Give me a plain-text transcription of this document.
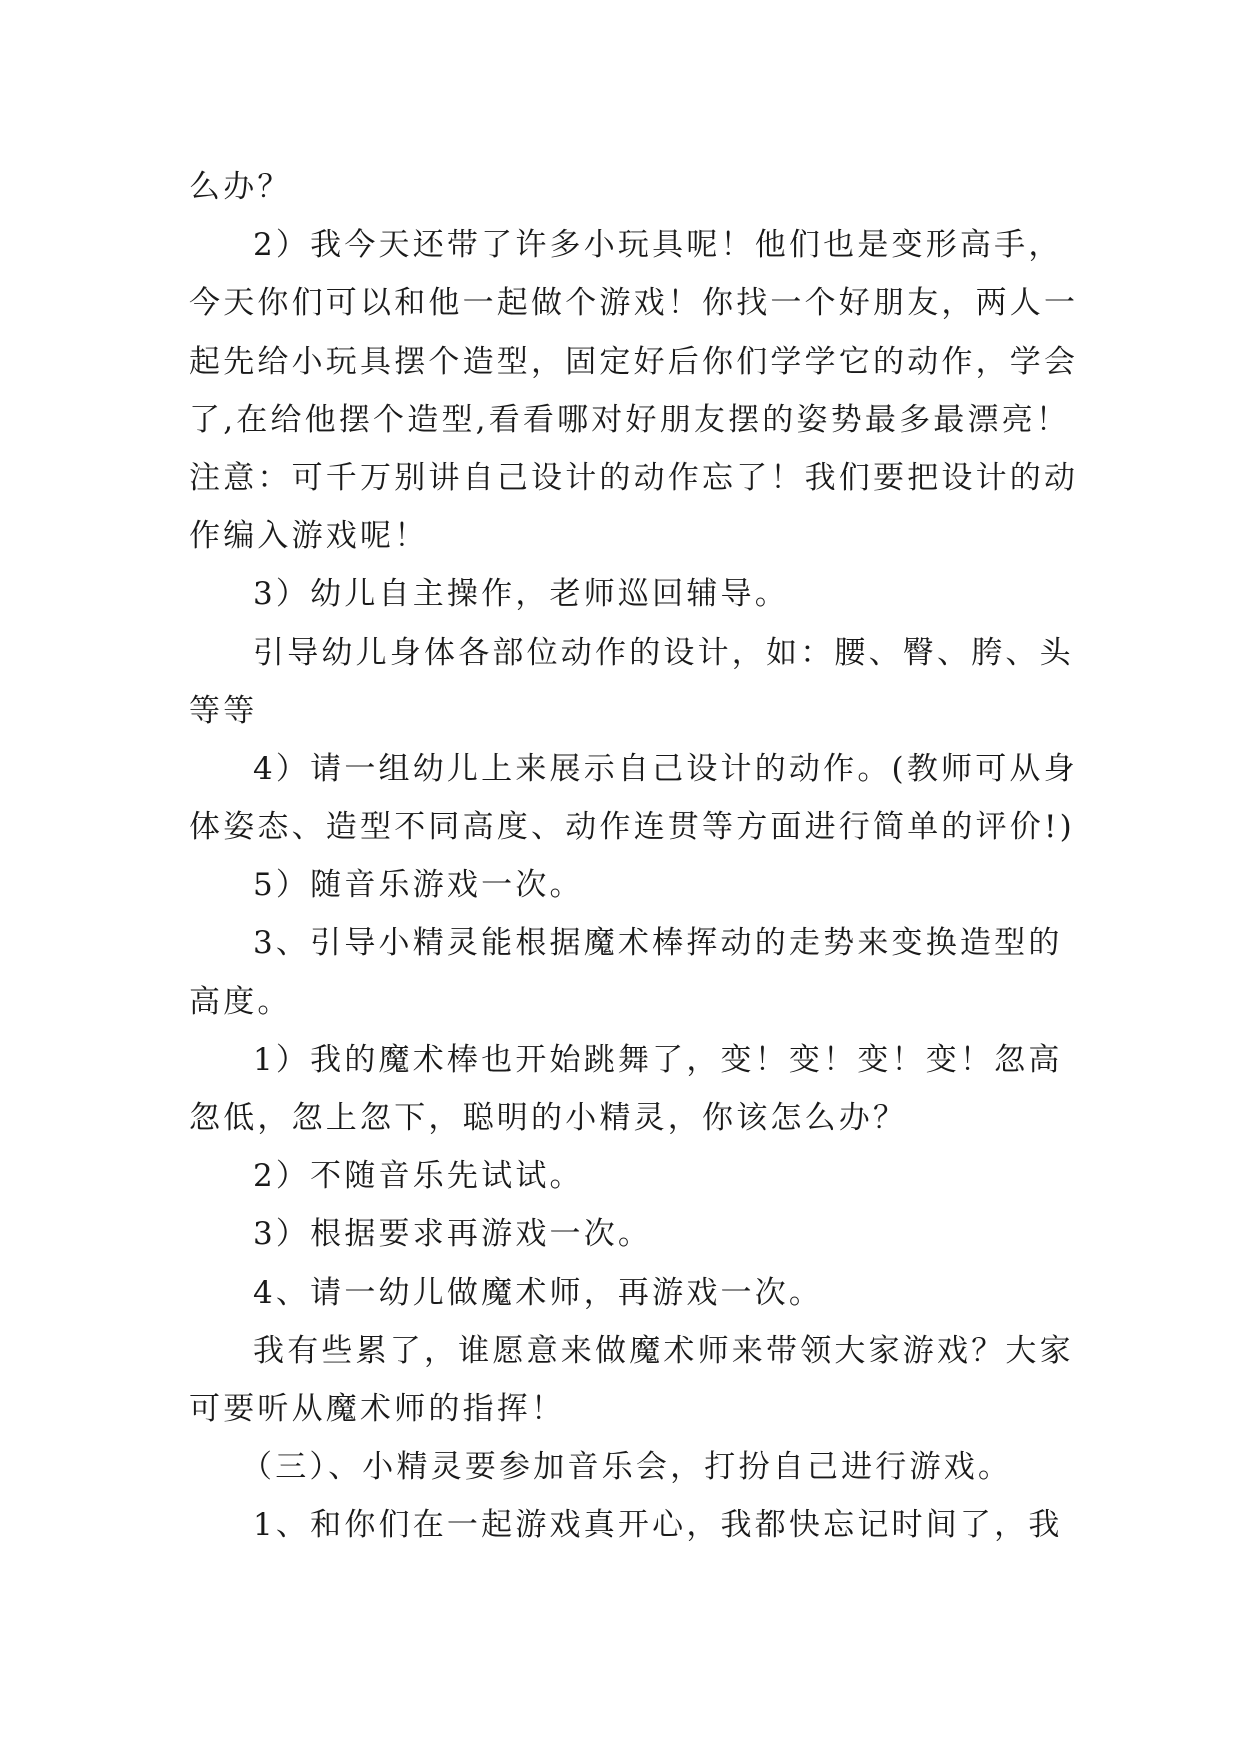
么办？
2）我今天还带了许多小玩具呢！他们也是变形高手，
今天你们可以和他一起做个游戏！你找一个好朋友，两人一
起先给小玩具摆个造型，固定好后你们学学它的动作，学会
了,在给他摆个造型,看看哪对好朋友摆的姿势最多最漂亮！
注意：可千万别讲自己设计的动作忘了！我们要把设计的动
作编入游戏呢！
3）幼儿自主操作，老师巡回辅导。
引导幼儿身体各部位动作的设计，如：腰、臀、胯、头
等等
4）请一组幼儿上来展示自己设计的动作。(教师可从身
体姿态、造型不同高度、动作连贯等方面进行简单的评价!)
5）随音乐游戏一次。
3、引导小精灵能根据魔术棒挥动的走势来变换造型的
高度。
1）我的魔术棒也开始跳舞了，变！变！变！变！忽高
忽低，忽上忽下，聪明的小精灵，你该怎么办？
2）不随音乐先试试。
3）根据要求再游戏一次。
4、请一幼儿做魔术师，再游戏一次。
我有些累了，谁愿意来做魔术师来带领大家游戏？大家
可要听从魔术师的指挥！
（三）、小精灵要参加音乐会，打扮自己进行游戏。
1、和你们在一起游戏真开心，我都快忘记时间了，我
